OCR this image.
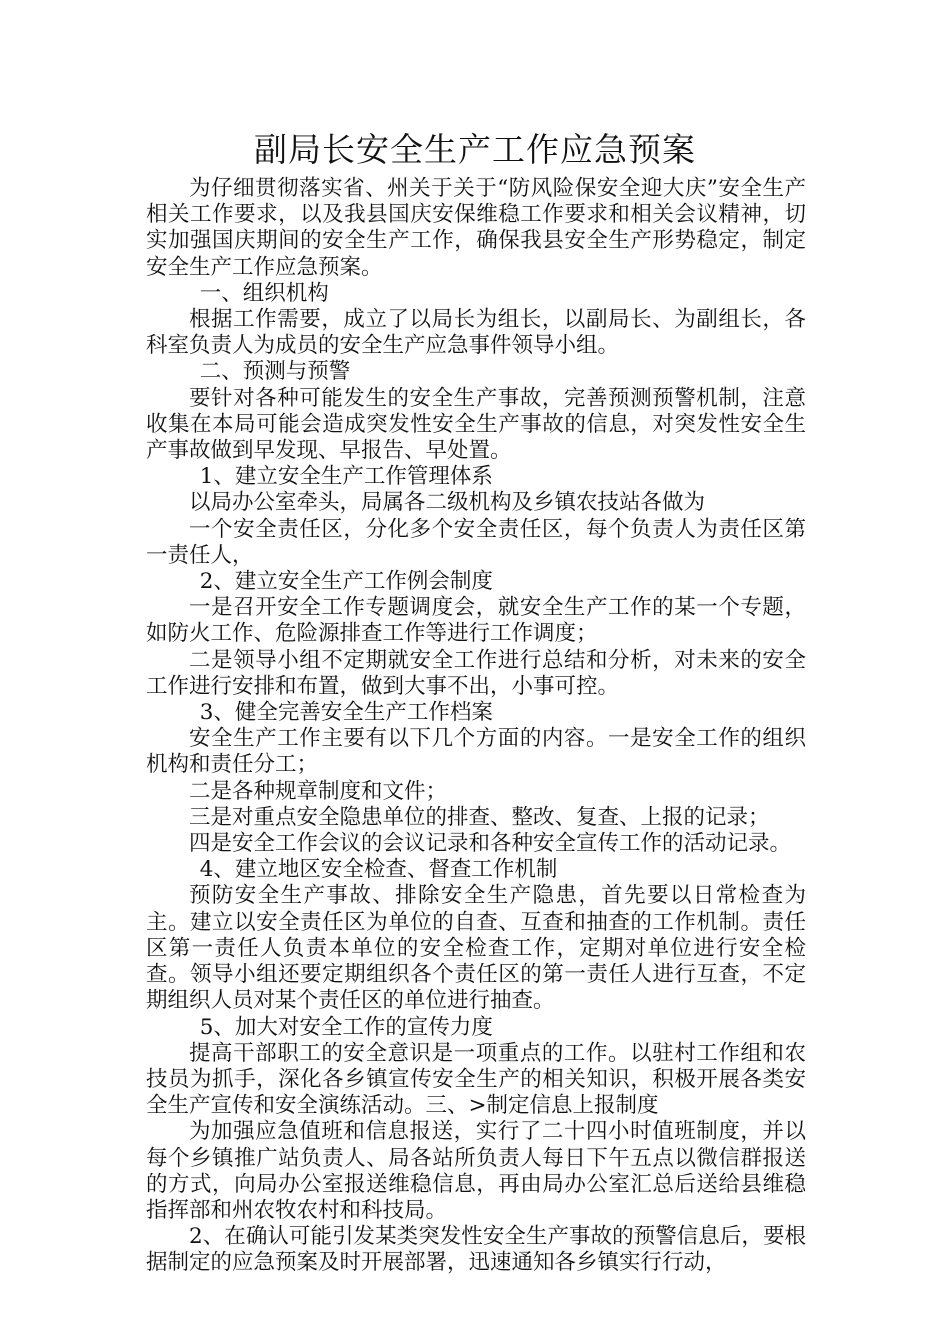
副局长安全生产工作应急预案

为仔细贯彻落实省、州关于关于“防风险保安全迎大庆”安全生产相关工作要求，以及我县国庆安保维稳工作要求和相关会议精神，切实加强国庆期间的安全生产工作，确保我县安全生产形势稳定，制定安全生产工作应急预案。

一、组织机构

根据工作需要，成立了以局长为组长，以副局长、为副组长，各科室负责人为成员的安全生产应急事件领导小组。

二、预测与预警

要针对各种可能发生的安全生产事故，完善预测预警机制，注意收集在本局可能会造成突发性安全生产事故的信息，对突发性安全生产事故做到早发现、早报告、早处置。

1、建立安全生产工作管理体系

以局办公室牵头，局属各二级机构及乡镇农技站各做为

一个安全责任区，分化多个安全责任区，每个负责人为责任区第一责任人，

2、建立安全生产工作例会制度

一是召开安全工作专题调度会，就安全生产工作的某一个专题，如防火工作、危险源排查工作等进行工作调度；

二是领导小组不定期就安全工作进行总结和分析，对未来的安全工作进行安排和布置，做到大事不出，小事可控。

3、健全完善安全生产工作档案

安全生产工作主要有以下几个方面的内容。一是安全工作的组织机构和责任分工；

二是各种规章制度和文件；

三是对重点安全隐患单位的排查、整改、复查、上报的记录；

四是安全工作会议的会议记录和各种安全宣传工作的活动记录。

4、建立地区安全检查、督查工作机制

预防安全生产事故、排除安全生产隐患，首先要以日常检查为主。建立以安全责任区为单位的自查、互查和抽查的工作机制。责任区第一责任人负责本单位的安全检查工作，定期对单位进行安全检查。领导小组还要定期组织各个责任区的第一责任人进行互查，不定期组织人员对某个责任区的单位进行抽查。

5、加大对安全工作的宣传力度

提高干部职工的安全意识是一项重点的工作。以驻村工作组和农技员为抓手，深化各乡镇宣传安全生产的相关知识，积极开展各类安全生产宣传和安全演练活动。三、>制定信息上报制度

为加强应急值班和信息报送，实行了二十四小时值班制度，并以每个乡镇推广站负责人、局各站所负责人每日下午五点以微信群报送的方式，向局办公室报送维稳信息，再由局办公室汇总后送给县维稳指挥部和州农牧农村和科技局。

2、在确认可能引发某类突发性安全生产事故的预警信息后，要根据制定的应急预案及时开展部署，迅速通知各乡镇实行行动，
